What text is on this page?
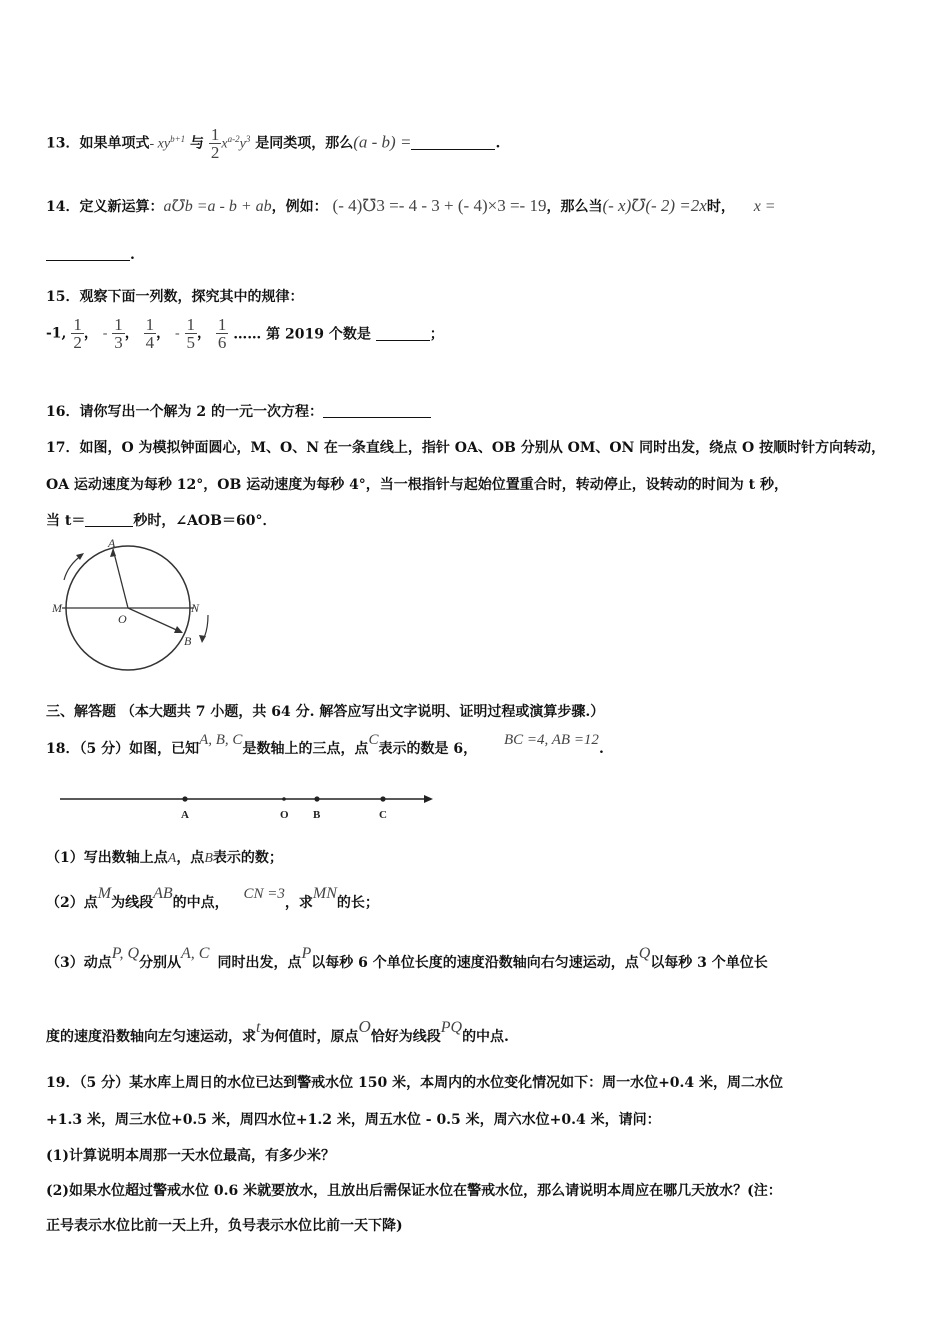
13．如果单项式- $xy^{b+1}$ 与 $\frac{1}{2} x^{a-2}y^3$ 是同类项，那么(a - b) =	.
14．定义新运算：a℧b =a - b + ab，例如： (- 4)℧3 =- 4 - 3 + (- 4)×3 =- 19，那么当(- x)℧(- 2) =2x时， x =
.
15．观察下面一列数，探究其中的规律：
-1, $\frac{1}{2}$ ， - $\frac{1}{3}$ ， $\frac{1}{4}$ ， - $\frac{1}{5}$ ， $\frac{1}{6}$ …… 第 2019 个数是	；
16．请你写出一个解为 2 的一元一次方程：
17．如图，O 为模拟钟面圆心，M、O、N 在一条直线上，指针 OA、OB 分别从 OM、ON 同时出发，绕点 O 按顺时针方向转动，
OA 运动速度为每秒 12°，OB 运动速度为每秒 4°，当一根指针与起始位置重合时，转动停止，设转动的时间为 t 秒，
当 t＝	秒时，∠AOB＝60°．
A
B
M	N
O
三、解答题 （本大题共 7 小题，共 64 分. 解答应写出文字说明、证明过程或演算步骤.）
18．（5 分）如图，已知A, B, C是数轴上的三点，点C表示的数是 6， BC =4, AB =12.
A	O B	C
（1）写出数轴上点A，点B表示的数；
（2）点M为线段AB的中点， CN =3，求MN的长；
（3）动点P, Q分别从A, C同时出发，点P以每秒 6 个单位长度的速度沿数轴向右匀速运动，点Q以每秒 3 个单位长
度的速度沿数轴向左匀速运动，求t为何值时，原点O恰好为线段PQ的中点.
19．（5 分）某水库上周日的水位已达到警戒水位 150 米，本周内的水位变化情况如下：周一水位+0.4 米，周二水位
+1.3 米，周三水位+0.5 米，周四水位+1.2 米，周五水位 - 0.5 米，周六水位+0.4 米，请问：
(1)计算说明本周那一天水位最高，有多少米？
(2)如果水位超过警戒水位 0.6 米就要放水，且放出后需保证水位在警戒水位，那么请说明本周应在哪几天放水？(注：
正号表示水位比前一天上升，负号表示水位比前一天下降)
